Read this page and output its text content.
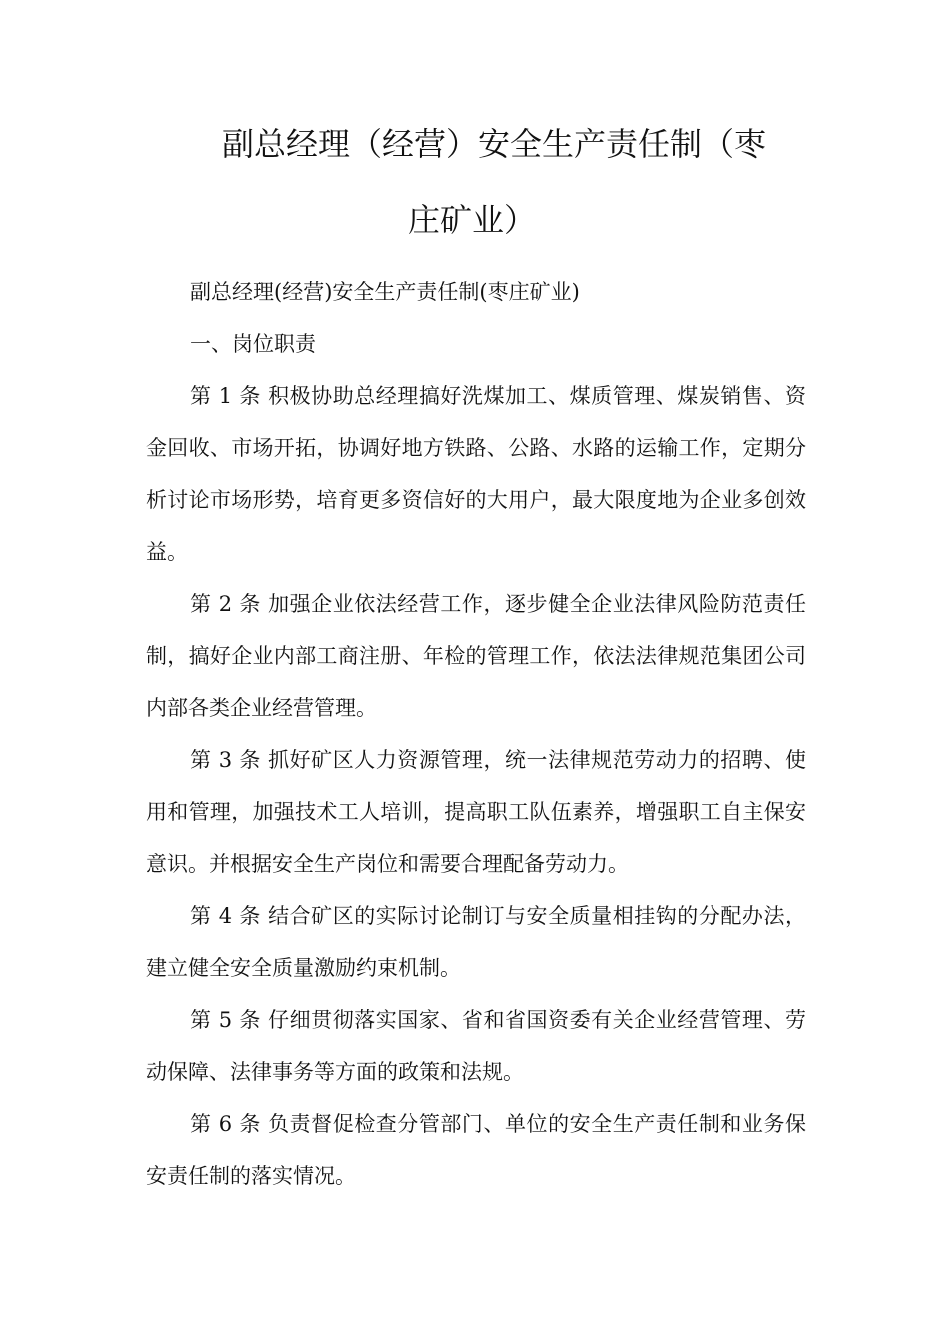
副总经理（经营）安全生产责任制（枣
庄矿业）

副总经理(经营)安全生产责任制(枣庄矿业)

一、岗位职责

第 1 条 积极协助总经理搞好洗煤加工、煤质管理、煤炭销售、资金回收、市场开拓，协调好地方铁路、公路、水路的运输工作，定期分析讨论市场形势，培育更多资信好的大用户，最大限度地为企业多创效益。

第 2 条 加强企业依法经营工作，逐步健全企业法律风险防范责任制，搞好企业内部工商注册、年检的管理工作，依法法律规范集团公司内部各类企业经营管理。

第 3 条 抓好矿区人力资源管理，统一法律规范劳动力的招聘、使用和管理，加强技术工人培训，提高职工队伍素养，增强职工自主保安意识。并根据安全生产岗位和需要合理配备劳动力。

第 4 条 结合矿区的实际讨论制订与安全质量相挂钩的分配办法，建立健全安全质量激励约束机制。

第 5 条 仔细贯彻落实国家、省和省国资委有关企业经营管理、劳动保障、法律事务等方面的政策和法规。

第 6 条 负责督促检查分管部门、单位的安全生产责任制和业务保安责任制的落实情况。
